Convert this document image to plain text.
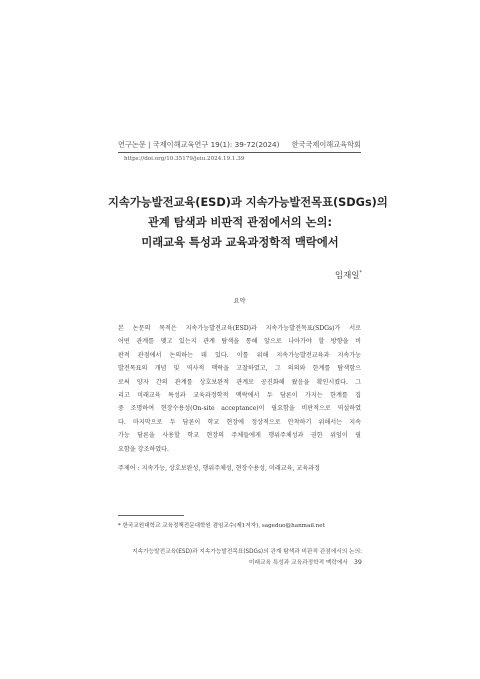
연구논문 | 국제이해교육연구 19(1): 39-72(2024) 한국국제이해교육학회
https://doi.org/10.35179/jeiu.2024.19.1.39
지속가능발전교육(ESD)과 지속가능발전목표(SDGs)의
관계 탐색과 비판적 관점에서의 논의:
미래교육 특성과 교육과정학적 맥락에서
임재일*
요약
본 논문의 목적은 지속가능발전교육(ESD)과 지속가능발전목표(SDGs)가 서로
어떤 관계를 맺고 있는지 관계 탐색을 통해 앞으로 나아가야 할 방향을 비
판적 관점에서 논의하는 데 있다. 이를 위해 지속가능발전교육과 지속가능
발전목표의 개념 및 역사적 맥락을 고찰하였고, 그 의의와 한계를 탐색함으
로써 양자 간의 관계를 상호보완적 관계로 공진화해 왔음을 확인시켰다. 그
리고 미래교육 특성과 교육과정학적 맥락에서 두 담론이 가지는 한계를 집
중 조명하여 현장수용성(On-site acceptance)이 필요함을 비판적으로 역설하였
다. 마지막으로 두 담론이 학교 현장에 정상적으로 안착하기 위해서는 지속
가능 담론을 사용할 학교 현장의 주체들에게 행위주체성과 권한 위임이 필
요함을 강조하였다.
주제어 : 지속가능, 상호보완성, 행위주체성, 현장수용성, 미래교육, 교육과정
* 한국교원대학교 교육정책전문대학원 겸임교수(제1저자), sageduo@hanmail.net
지속가능발전교육(ESD)과 지속가능발전목표(SDGs)의 관계 탐색과 비판적 관점에서의 논의:
미래교육 특성과 교육과정학적 맥락에서 39
